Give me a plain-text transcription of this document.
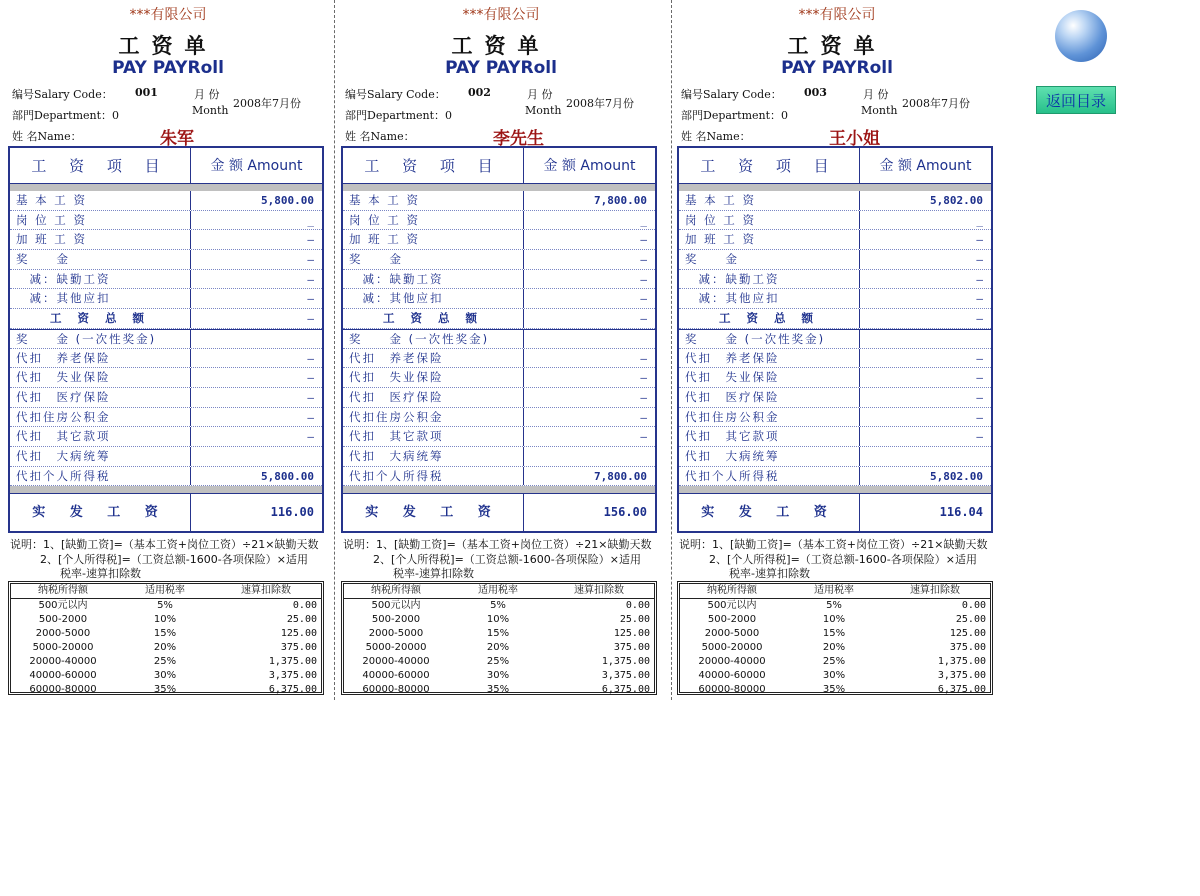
***有限公司
工资单
PAY PAYRoll
编号Salary Code： 001	月 份
Month
2008年7月份
部門Department：0
姓 名Name：	朱军
工 资 项 目	金 额 Amount
基 本 工 资	5,800.00
岗 位 工 资	_
加 班 工 资	–
奖　　金	–
　减：缺勤工资	–
　减：其他应扣	–
工 资 总 额	–
奖　　金 (一次性奖金)
代扣　养老保险	–
代扣　失业保险	–
代扣　医疗保险	–
代扣住房公积金	–
代扣　其它款项	–
代扣　大病统筹
代扣个人所得税	5,800.00
实 发 工 资	116.00
说明：1、[缺勤工资]=（基本工资+岗位工资）÷21×缺勤天数
2、[个人所得税]=（工资总额-1600-各项保险）×适用
税率-速算扣除数
纳税所得额	适用税率	速算扣除数
500元以内	5%	0.00
500-2000	10%	25.00
2000-5000	15%	125.00
5000-20000	20%	375.00
20000-40000	25%	1,375.00
40000-60000	30%	3,375.00
60000-80000	35%	6,375.00
***有限公司
工资单
PAY PAYRoll
编号Salary Code： 002	月 份
Month
2008年7月份
部門Department：0
姓 名Name：	李先生
工 资 项 目	金 额 Amount
基 本 工 资	7,800.00
岗 位 工 资	_
加 班 工 资	–
奖　　金	–
　减：缺勤工资	–
　减：其他应扣	–
工 资 总 额	–
奖　　金 (一次性奖金)
代扣　养老保险	–
代扣　失业保险	–
代扣　医疗保险	–
代扣住房公积金	–
代扣　其它款项	–
代扣　大病统筹
代扣个人所得税	7,800.00
实 发 工 资	156.00
说明：1、[缺勤工资]=（基本工资+岗位工资）÷21×缺勤天数
2、[个人所得税]=（工资总额-1600-各项保险）×适用
税率-速算扣除数
纳税所得额	适用税率	速算扣除数
500元以内	5%	0.00
500-2000	10%	25.00
2000-5000	15%	125.00
5000-20000	20%	375.00
20000-40000	25%	1,375.00
40000-60000	30%	3,375.00
60000-80000	35%	6,375.00
***有限公司
工资单
PAY PAYRoll
编号Salary Code： 003	月 份
Month
2008年7月份
部門Department：0
姓 名Name：	王小姐
工 资 项 目	金 额 Amount
基 本 工 资	5,802.00
岗 位 工 资	_
加 班 工 资	–
奖　　金	–
　减：缺勤工资	–
　减：其他应扣	–
工 资 总 额	–
奖　　金 (一次性奖金)
代扣　养老保险	–
代扣　失业保险	–
代扣　医疗保险	–
代扣住房公积金	–
代扣　其它款项	–
代扣　大病统筹
代扣个人所得税	5,802.00
实 发 工 资	116.04
说明：1、[缺勤工资]=（基本工资+岗位工资）÷21×缺勤天数
2、[个人所得税]=（工资总额-1600-各项保险）×适用
税率-速算扣除数
纳税所得额	适用税率	速算扣除数
500元以内	5%	0.00
500-2000	10%	25.00
2000-5000	15%	125.00
5000-20000	20%	375.00
20000-40000	25%	1,375.00
40000-60000	30%	3,375.00
60000-80000	35%	6,375.00
返回目录
